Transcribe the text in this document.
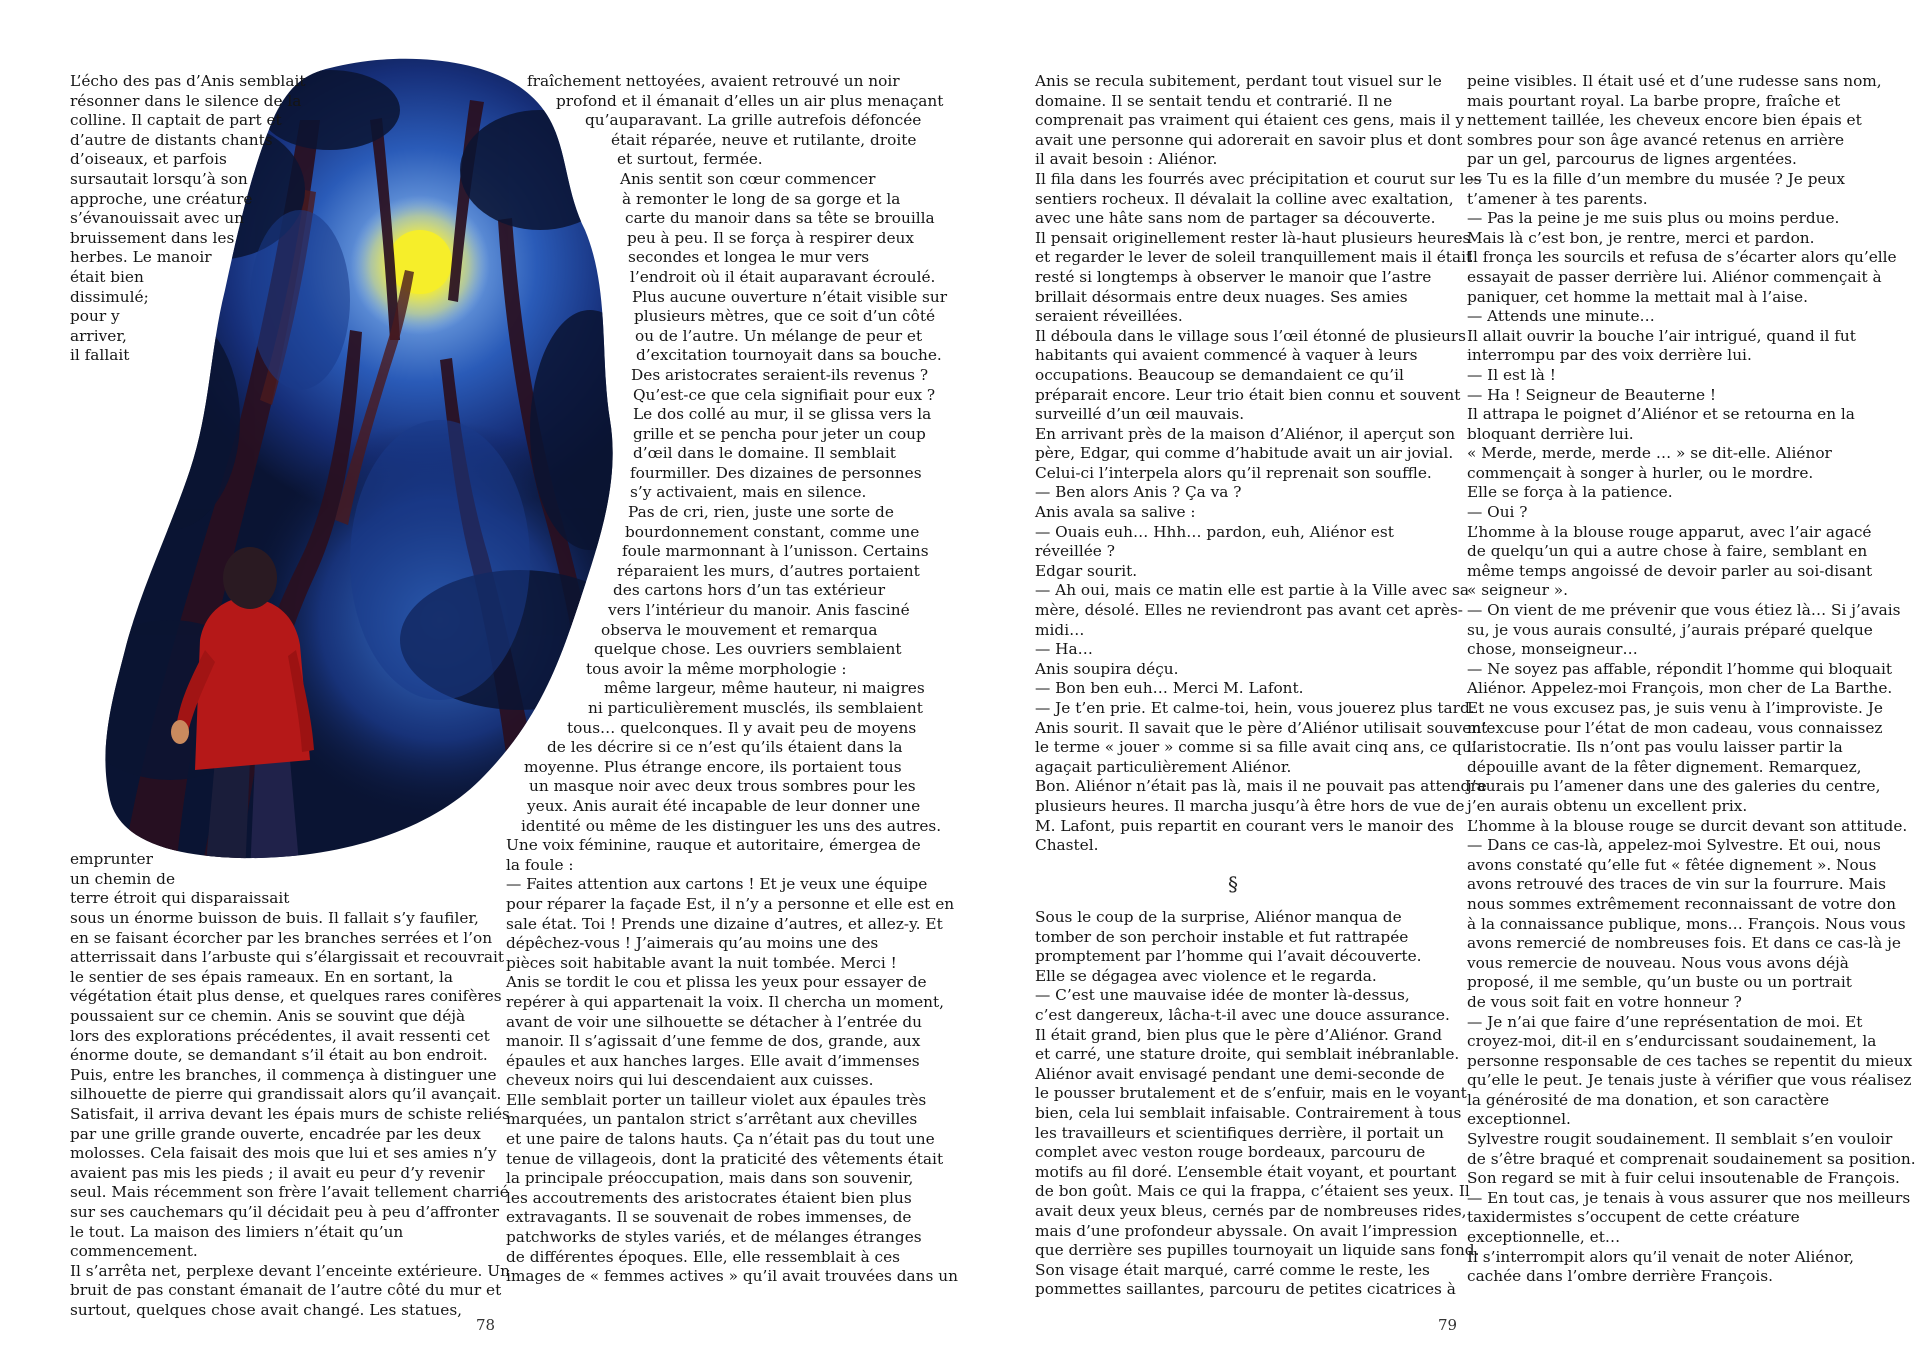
L’écho des pas d’Anis semblait
résonner dans le silence de la
colline. Il captait de part et
d’autre de distants chants
d’oiseaux, et parfois
sursautait lorsqu’à son
approche, une créature
s’évanouissait avec un
bruissement dans les
herbes. Le manoir
était bien
dissimulé;
pour y
arriver,
il fallait
emprunter
un chemin de
terre étroit qui disparaissait
sous un énorme buisson de buis. Il fallait s’y faufiler,
en se faisant écorcher par les branches serrées et l’on
atterrissait dans l’arbuste qui s’élargissait et recouvrait
le sentier de ses épais rameaux. En en sortant, la
végétation était plus dense, et quelques rares conifères
poussaient sur ce chemin. Anis se souvint que déjà
lors des explorations précédentes, il avait ressenti cet
énorme doute, se demandant s’il était au bon endroit.
Puis, entre les branches, il commença à distinguer une
silhouette de pierre qui grandissait alors qu’il avançait.
Satisfait, il arriva devant les épais murs de schiste reliés
par une grille grande ouverte, encadrée par les deux
molosses. Cela faisait des mois que lui et ses amies n’y
avaient pas mis les pieds ; il avait eu peur d’y revenir
seul. Mais récemment son frère l’avait tellement charrié
sur ses cauchemars qu’il décidait peu à peu d’affronter
le tout. La maison des limiers n’était qu’un
commencement.
Il s’arrêta net, perplexe devant l’enceinte extérieure. Un
bruit de pas constant émanait de l’autre côté du mur et
surtout, quelques chose avait changé. Les statues,
fraîchement nettoyées, avaient retrouvé un noir
profond et il émanait d’elles un air plus menaçant
qu’auparavant. La grille autrefois défoncée
était réparée, neuve et rutilante, droite
et surtout, fermée.
Anis sentit son cœur commencer
à remonter le long de sa gorge et la
carte du manoir dans sa tête se brouilla
peu à peu. Il se força à respirer deux
secondes et longea le mur vers
l’endroit où il était auparavant écroulé.
Plus aucune ouverture n’était visible sur
plusieurs mètres, que ce soit d’un côté
ou de l’autre. Un mélange de peur et
d’excitation tournoyait dans sa bouche.
Des aristocrates seraient-ils revenus ?
Qu’est-ce que cela signifiait pour eux ?
Le dos collé au mur, il se glissa vers la
grille et se pencha pour jeter un coup
d’œil dans le domaine. Il semblait
fourmiller. Des dizaines de personnes
s’y activaient, mais en silence.
Pas de cri, rien, juste une sorte de
bourdonnement constant, comme une
foule marmonnant à l’unisson. Certains
réparaient les murs, d’autres portaient
des cartons hors d’un tas extérieur
vers l’intérieur du manoir. Anis fasciné
observa le mouvement et remarqua
quelque chose. Les ouvriers semblaient
tous avoir la même morphologie :
même largeur, même hauteur, ni maigres
ni particulièrement musclés, ils semblaient
tous… quelconques. Il y avait peu de moyens
de les décrire si ce n’est qu’ils étaient dans la
moyenne. Plus étrange encore, ils portaient tous
un masque noir avec deux trous sombres pour les
yeux. Anis aurait été incapable de leur donner une
identité ou même de les distinguer les uns des autres.
Une voix féminine, rauque et autoritaire, émergea de
la foule :
— Faites attention aux cartons ! Et je veux une équipe
pour réparer la façade Est, il n’y a personne et elle est en
sale état. Toi ! Prends une dizaine d’autres, et allez-y. Et
dépêchez-vous ! J’aimerais qu’au moins une des
pièces soit habitable avant la nuit tombée. Merci !
Anis se tordit le cou et plissa les yeux pour essayer de
repérer à qui appartenait la voix. Il chercha un moment,
avant de voir une silhouette se détacher à l’entrée du
manoir. Il s’agissait d’une femme de dos, grande, aux
épaules et aux hanches larges. Elle avait d’immenses
cheveux noirs qui lui descendaient aux cuisses.
Elle semblait porter un tailleur violet aux épaules très
marquées, un pantalon strict s’arrêtant aux chevilles
et une paire de talons hauts. Ça n’était pas du tout une
tenue de villageois, dont la praticité des vêtements était
la principale préoccupation, mais dans son souvenir,
les accoutrements des aristocrates étaient bien plus
extravagants. Il se souvenait de robes immenses, de
patchworks de styles variés, et de mélanges étranges
de différentes époques. Elle, elle ressemblait à ces
images de « femmes actives » qu’il avait trouvées dans un
78
Anis se recula subitement, perdant tout visuel sur le
domaine. Il se sentait tendu et contrarié. Il ne
comprenait pas vraiment qui étaient ces gens, mais il y
avait une personne qui adorerait en savoir plus et dont
il avait besoin : Aliénor.
Il fila dans les fourrés avec précipitation et courut sur les
sentiers rocheux. Il dévalait la colline avec exaltation,
avec une hâte sans nom de partager sa découverte.
Il pensait originellement rester là-haut plusieurs heures
et regarder le lever de soleil tranquillement mais il était
resté si longtemps à observer le manoir que l’astre
brillait désormais entre deux nuages. Ses amies
seraient réveillées.
Il déboula dans le village sous l’œil étonné de plusieurs
habitants qui avaient commencé à vaquer à leurs
occupations. Beaucoup se demandaient ce qu’il
préparait encore. Leur trio était bien connu et souvent
surveillé d’un œil mauvais.
En arrivant près de la maison d’Aliénor, il aperçut son
père, Edgar, qui comme d’habitude avait un air jovial.
Celui-ci l’interpela alors qu’il reprenait son souffle.
— Ben alors Anis ? Ça va ?
Anis avala sa salive :
— Ouais euh… Hhh… pardon, euh, Aliénor est
réveillée ?
Edgar sourit.
— Ah oui, mais ce matin elle est partie à la Ville avec sa
mère, désolé. Elles ne reviendront pas avant cet après-
midi…
— Ha…
Anis soupira déçu.
— Bon ben euh… Merci M. Lafont.
— Je t’en prie. Et calme-toi, hein, vous jouerez plus tard.
Anis sourit. Il savait que le père d’Aliénor utilisait souvent
le terme « jouer » comme si sa fille avait cinq ans, ce qui
agaçait particulièrement Aliénor.
Bon. Aliénor n’était pas là, mais il ne pouvait pas attendre
plusieurs heures. Il marcha jusqu’à être hors de vue de
M. Lafont, puis repartit en courant vers le manoir des
Chastel.
§
Sous le coup de la surprise, Aliénor manqua de
tomber de son perchoir instable et fut rattrapée
promptement par l’homme qui l’avait découverte.
Elle se dégagea avec violence et le regarda.
— C’est une mauvaise idée de monter là-dessus,
c’est dangereux, lâcha-t-il avec une douce assurance.
Il était grand, bien plus que le père d’Aliénor. Grand
et carré, une stature droite, qui semblait inébranlable.
Aliénor avait envisagé pendant une demi-seconde de
le pousser brutalement et de s’enfuir, mais en le voyant
bien, cela lui semblait infaisable. Contrairement à tous
les travailleurs et scientifiques derrière, il portait un
complet avec veston rouge bordeaux, parcouru de
motifs au fil doré. L’ensemble était voyant, et pourtant
de bon goût. Mais ce qui la frappa, c’étaient ses yeux. Il
avait deux yeux bleus, cernés par de nombreuses rides,
mais d’une profondeur abyssale. On avait l’impression
que derrière ses pupilles tournoyait un liquide sans fond.
Son visage était marqué, carré comme le reste, les
pommettes saillantes, parcouru de petites cicatrices à
peine visibles. Il était usé et d’une rudesse sans nom,
mais pourtant royal. La barbe propre, fraîche et
nettement taillée, les cheveux encore bien épais et
sombres pour son âge avancé retenus en arrière
par un gel, parcourus de lignes argentées.
— Tu es la fille d’un membre du musée ? Je peux
t’amener à tes parents.
— Pas la peine je me suis plus ou moins perdue.
Mais là c’est bon, je rentre, merci et pardon.
Il fronça les sourcils et refusa de s’écarter alors qu’elle
essayait de passer derrière lui. Aliénor commençait à
paniquer, cet homme la mettait mal à l’aise.
— Attends une minute…
Il allait ouvrir la bouche l’air intrigué, quand il fut
interrompu par des voix derrière lui.
— Il est là !
— Ha ! Seigneur de Beauterne !
Il attrapa le poignet d’Aliénor et se retourna en la
bloquant derrière lui.
« Merde, merde, merde … » se dit-elle. Aliénor
commençait à songer à hurler, ou le mordre.
Elle se força à la patience.
— Oui ?
L’homme à la blouse rouge apparut, avec l’air agacé
de quelqu’un qui a autre chose à faire, semblant en
même temps angoissé de devoir parler au soi-disant
« seigneur ».
— On vient de me prévenir que vous étiez là… Si j’avais
su, je vous aurais consulté, j’aurais préparé quelque
chose, monseigneur…
— Ne soyez pas affable, répondit l’homme qui bloquait
Aliénor. Appelez-moi François, mon cher de La Barthe.
Et ne vous excusez pas, je suis venu à l’improviste. Je
m’excuse pour l’état de mon cadeau, vous connaissez
l’aristocratie. Ils n’ont pas voulu laisser partir la
dépouille avant de la fêter dignement. Remarquez,
j’aurais pu l’amener dans une des galeries du centre,
j’en aurais obtenu un excellent prix.
L’homme à la blouse rouge se durcit devant son attitude.
— Dans ce cas-là, appelez-moi Sylvestre. Et oui, nous
avons constaté qu’elle fut « fêtée dignement ». Nous
avons retrouvé des traces de vin sur la fourrure. Mais
nous sommes extrêmement reconnaissant de votre don
à la connaissance publique, mons… François. Nous vous
avons remercié de nombreuses fois. Et dans ce cas-là je
vous remercie de nouveau. Nous vous avons déjà
proposé, il me semble, qu’un buste ou un portrait
de vous soit fait en votre honneur ?
— Je n’ai que faire d’une représentation de moi. Et
croyez-moi, dit-il en s’endurcissant soudainement, la
personne responsable de ces taches se repentit du mieux
qu’elle le peut. Je tenais juste à vérifier que vous réalisez
la générosité de ma donation, et son caractère
exceptionnel.
Sylvestre rougit soudainement. Il semblait s’en vouloir
de s’être braqué et comprenait soudainement sa position.
Son regard se mit à fuir celui insoutenable de François.
— En tout cas, je tenais à vous assurer que nos meilleurs
taxidermistes s’occupent de cette créature
exceptionnelle, et…
Il s’interrompit alors qu’il venait de noter Aliénor,
cachée dans l’ombre derrière François.
79
